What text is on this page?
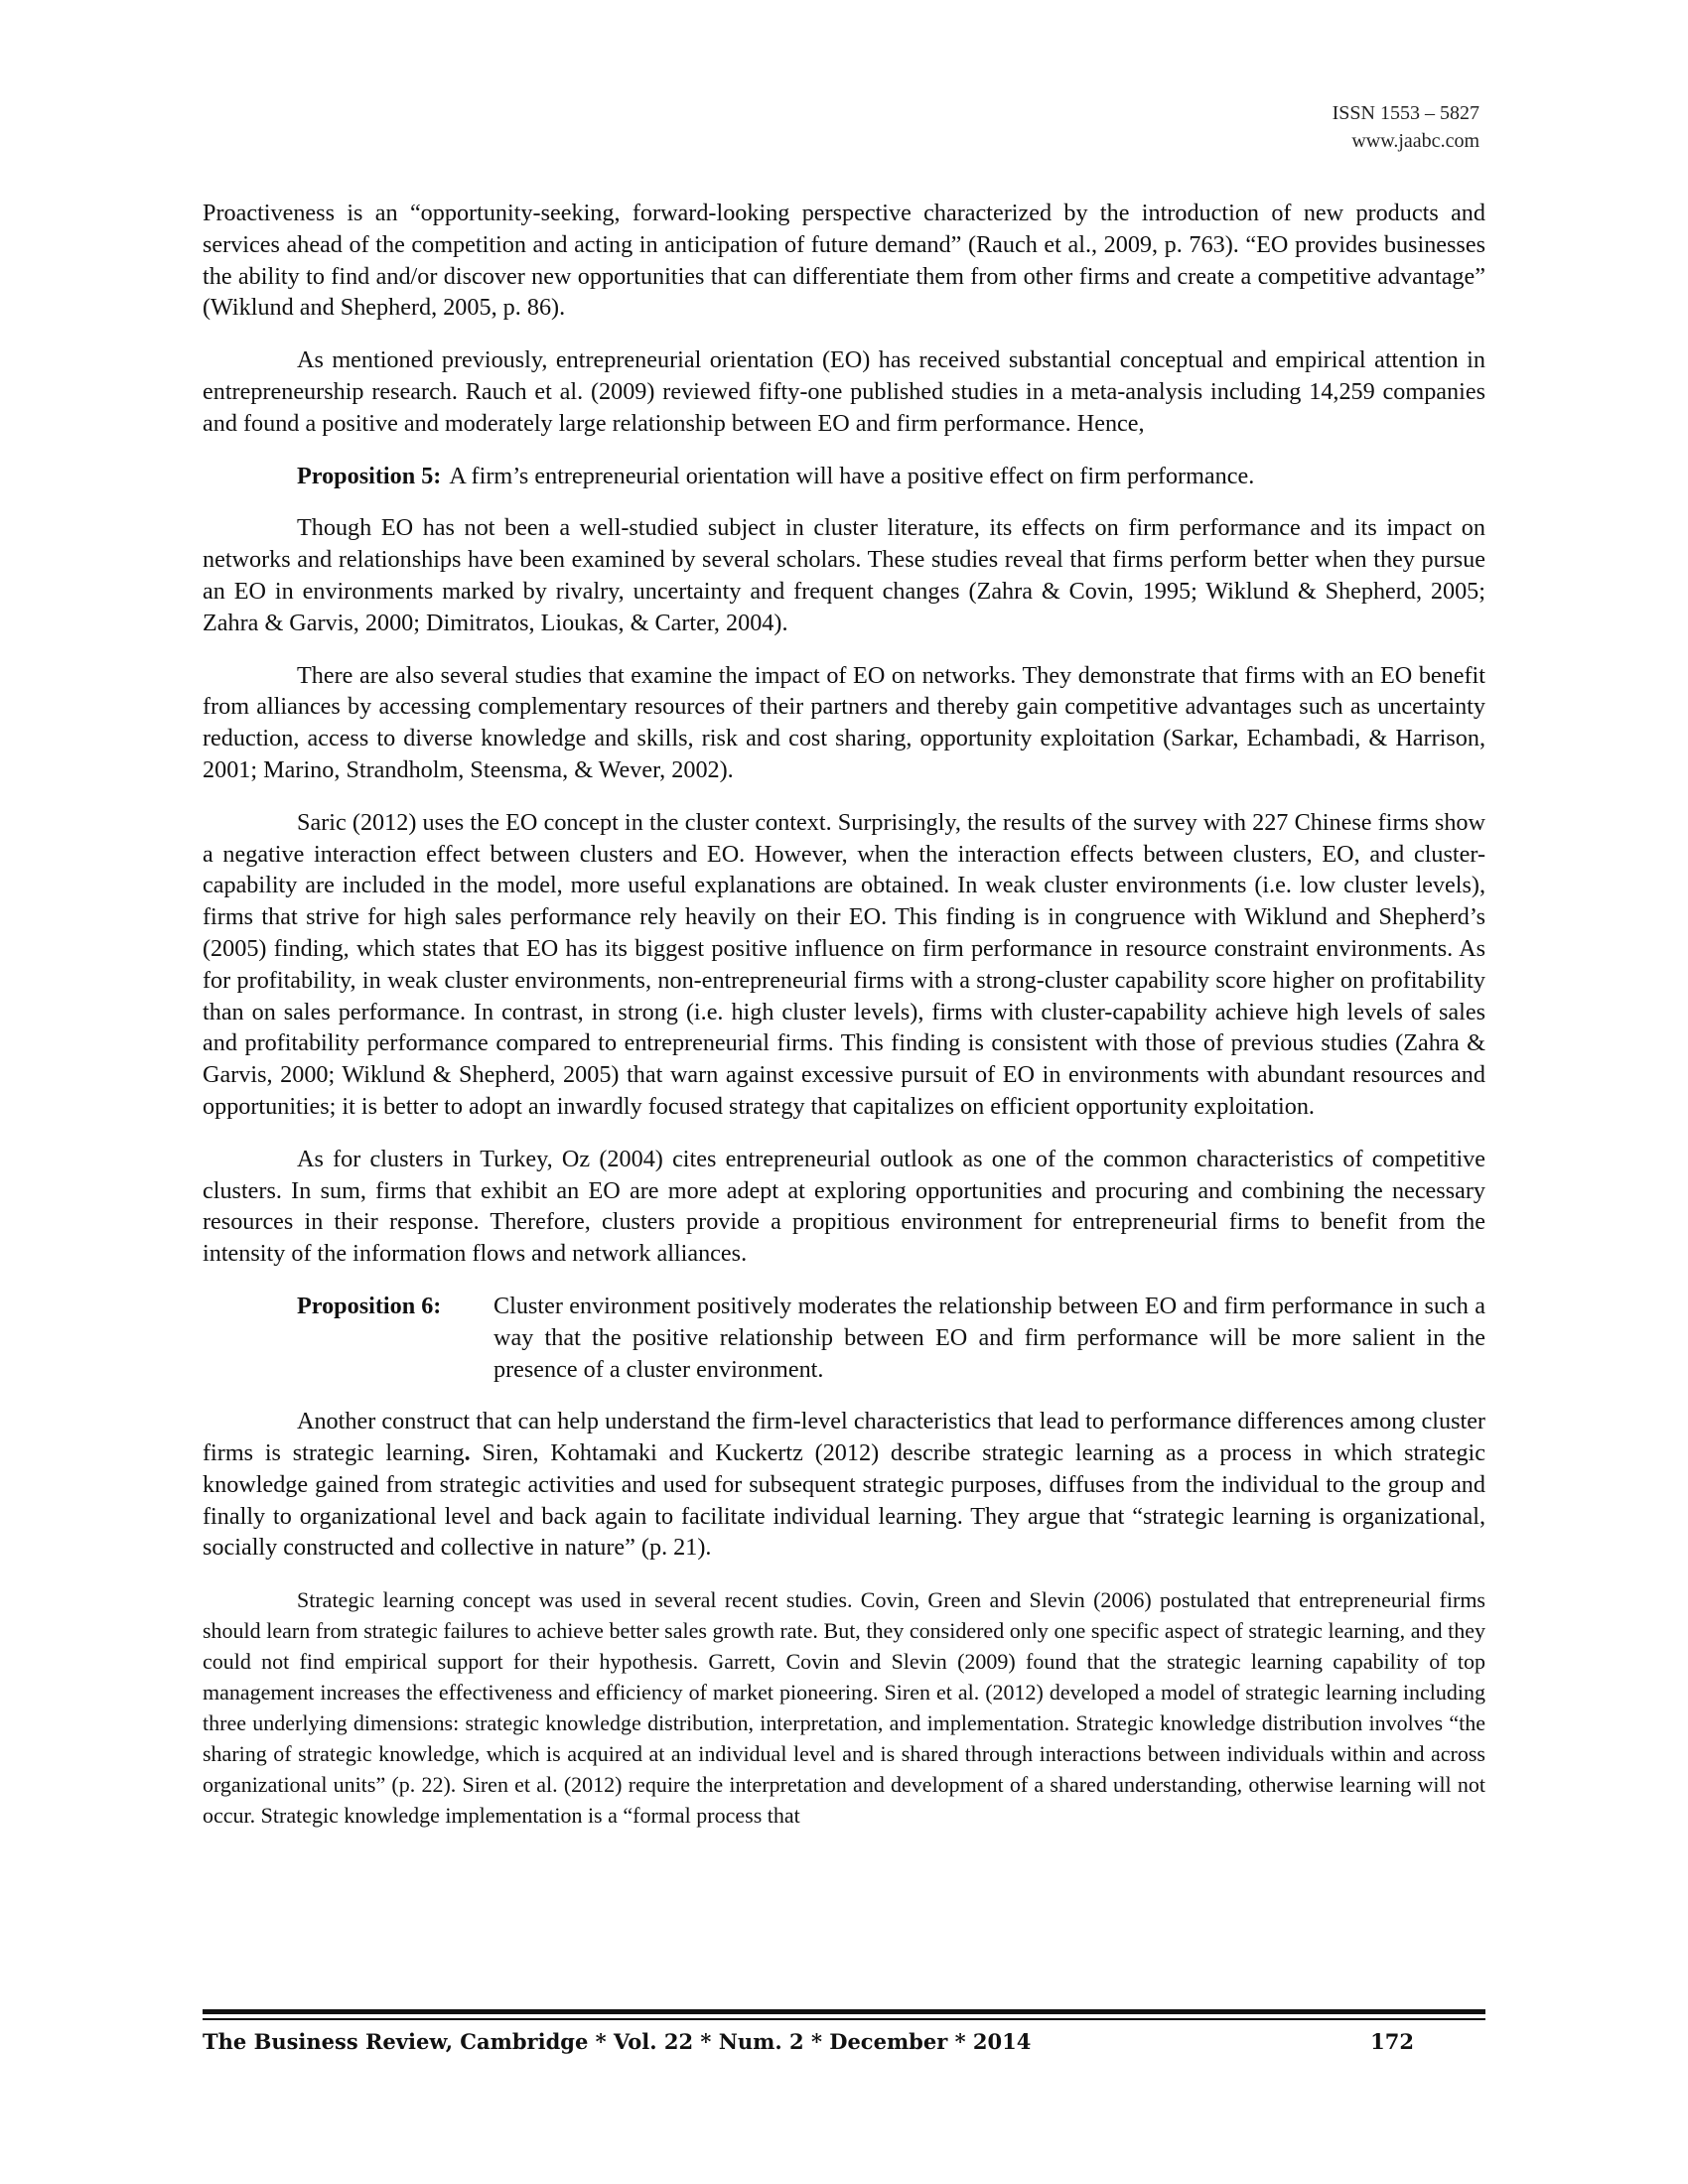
ISSN 1553 – 5827
www.jaabc.com

Proactiveness is an “opportunity-seeking, forward-looking perspective characterized by the introduction of new products and services ahead of the competition and acting in anticipation of future demand” (Rauch et al., 2009, p. 763). “EO provides businesses the ability to find and/or discover new opportunities that can differentiate them from other firms and create a competitive advantage” (Wiklund and Shepherd, 2005, p. 86).

As mentioned previously, entrepreneurial orientation (EO) has received substantial conceptual and empirical attention in entrepreneurship research. Rauch et al. (2009) reviewed fifty-one published studies in a meta-analysis including 14,259 companies and found a positive and moderately large relationship between EO and firm performance. Hence,

Proposition 5: A firm’s entrepreneurial orientation will have a positive effect on firm performance.

Though EO has not been a well-studied subject in cluster literature, its effects on firm performance and its impact on networks and relationships have been examined by several scholars. These studies reveal that firms perform better when they pursue an EO in environments marked by rivalry, uncertainty and frequent changes (Zahra & Covin, 1995; Wiklund & Shepherd, 2005; Zahra & Garvis, 2000; Dimitratos, Lioukas, & Carter, 2004).

There are also several studies that examine the impact of EO on networks. They demonstrate that firms with an EO benefit from alliances by accessing complementary resources of their partners and thereby gain competitive advantages such as uncertainty reduction, access to diverse knowledge and skills, risk and cost sharing, opportunity exploitation (Sarkar, Echambadi, & Harrison, 2001; Marino, Strandholm, Steensma, & Wever, 2002).

Saric (2012) uses the EO concept in the cluster context. Surprisingly, the results of the survey with 227 Chinese firms show a negative interaction effect between clusters and EO. However, when the interaction effects between clusters, EO, and cluster-capability are included in the model, more useful explanations are obtained. In weak cluster environments (i.e. low cluster levels), firms that strive for high sales performance rely heavily on their EO. This finding is in congruence with Wiklund and Shepherd’s (2005) finding, which states that EO has its biggest positive influence on firm performance in resource constraint environments. As for profitability, in weak cluster environments, non-entrepreneurial firms with a strong-cluster capability score higher on profitability than on sales performance. In contrast, in strong (i.e. high cluster levels), firms with cluster-capability achieve high levels of sales and profitability performance compared to entrepreneurial firms. This finding is consistent with those of previous studies (Zahra & Garvis, 2000; Wiklund & Shepherd, 2005) that warn against excessive pursuit of EO in environments with abundant resources and opportunities; it is better to adopt an inwardly focused strategy that capitalizes on efficient opportunity exploitation.

As for clusters in Turkey, Oz (2004) cites entrepreneurial outlook as one of the common characteristics of competitive clusters. In sum, firms that exhibit an EO are more adept at exploring opportunities and procuring and combining the necessary resources in their response. Therefore, clusters provide a propitious environment for entrepreneurial firms to benefit from the intensity of the information flows and network alliances.

Proposition 6:	Cluster environment positively moderates the relationship between EO and firm performance in such a way that the positive relationship between EO and firm performance will be more salient in the presence of a cluster environment.

Another construct that can help understand the firm-level characteristics that lead to performance differences among cluster firms is strategic learning. Siren, Kohtamaki and Kuckertz (2012) describe strategic learning as a process in which strategic knowledge gained from strategic activities and used for subsequent strategic purposes, diffuses from the individual to the group and finally to organizational level and back again to facilitate individual learning. They argue that “strategic learning is organizational, socially constructed and collective in nature” (p. 21).

Strategic learning concept was used in several recent studies. Covin, Green and Slevin (2006) postulated that entrepreneurial firms should learn from strategic failures to achieve better sales growth rate. But, they considered only one specific aspect of strategic learning, and they could not find empirical support for their hypothesis. Garrett, Covin and Slevin (2009) found that the strategic learning capability of top management increases the effectiveness and efficiency of market pioneering. Siren et al. (2012) developed a model of strategic learning including three underlying dimensions: strategic knowledge distribution, interpretation, and implementation. Strategic knowledge distribution involves “the sharing of strategic knowledge, which is acquired at an individual level and is shared through interactions between individuals within and across organizational units” (p. 22). Siren et al. (2012) require the interpretation and development of a shared understanding, otherwise learning will not occur. Strategic knowledge implementation is a “formal process that

The Business Review, Cambridge * Vol. 22 * Num. 2 * December * 2014	172
